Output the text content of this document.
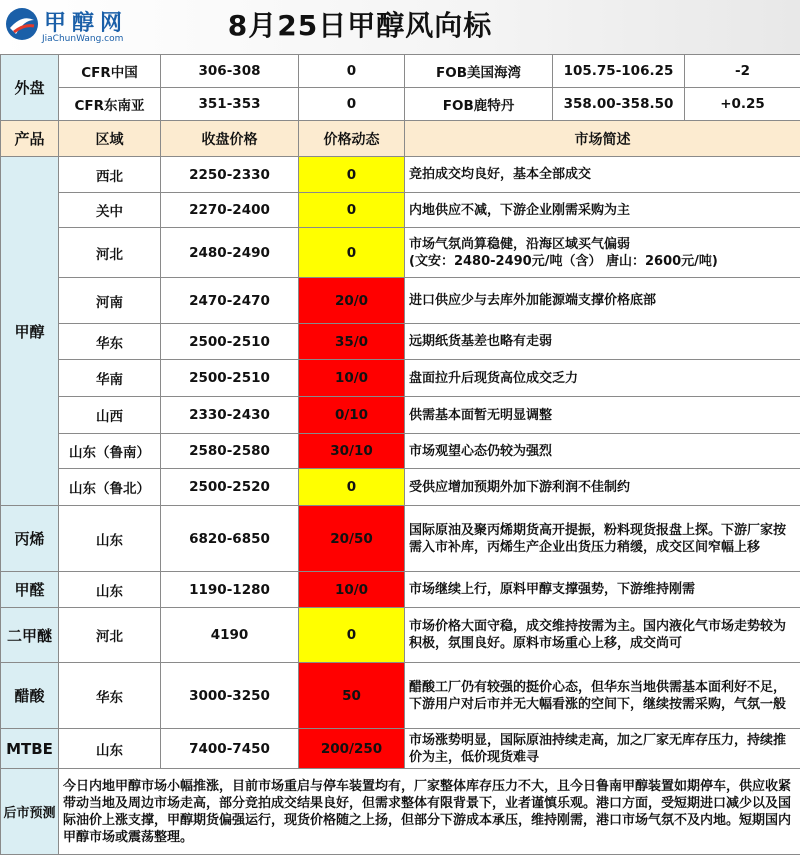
甲醇网
JiaChunWang.com	8月25日甲醇风向标
外盘	CFR中国	306-308	0	FOB美国海湾	105.75-106.25	-2
	CFR东南亚	351-353	0	FOB鹿特丹	358.00-358.50	+0.25
产品	区域	收盘价格	价格动态	市场简述		
甲醇	西北	2250-2330	0	竞拍成交均良好，基本全部成交		
	关中	2270-2400	0	内地供应不减，下游企业刚需采购为主		
	河北	2480-2490	0	市场气氛尚算稳健，沿海区域买气偏弱
(文安：2480-2490元/吨（含） 唐山：2600元/吨)		

	河南	2470-2470	20/0	进口供应少与去库外加能源端支撑价格底部		
	华东	2500-2510	35/0	远期纸货基差也略有走弱		
	华南	2500-2510	10/0	盘面拉升后现货高位成交乏力		
	山西	2330-2430	0/10	供需基本面暂无明显调整		
	山东（鲁南）	2580-2580	30/10	市场观望心态仍较为强烈		
	山东（鲁北）	2500-2520	0	受供应增加预期外加下游利润不佳制约		
丙烯	山东	6820-6850	20/50	国际原油及聚丙烯期货高开提振，粉料现货报盘上探。下游厂家按需入市补库，丙烯生产企业出货压力稍缓，成交区间窄幅上移		
甲醛	山东	1190-1280	10/0	市场继续上行，原料甲醇支撑强势，下游维持刚需		
二甲醚	河北	4190	0	市场价格大面守稳，成交维持按需为主。国内液化气市场走势较为积极，氛围良好。原料市场重心上移，成交尚可		
醋酸	华东	3000-3250	50	醋酸工厂仍有较强的挺价心态，但华东当地供需基本面利好不足，下游用户对后市并无大幅看涨的空间下，继续按需采购，气氛一般		
MTBE	山东	7400-7450	200/250	市场涨势明显，国际原油持续走高，加之厂家无库存压力，持续推价为主，低价现货难寻		
后市预测	今日内地甲醇市场小幅推涨，目前市场重启与停车装置均有，厂家整体库存压力不大，且今日鲁南甲醇装置如期停车，供应收紧带动当地及周边市场走高，部分竞拍成交结果良好，但需求整体有限背景下，业者谨慎乐观。港口方面，受短期进口减少以及国际油价上涨支撑，甲醇期货偏强运行，现货价格随之上扬，但部分下游成本承压，维持刚需，港口市场气氛不及内地。短期国内甲醇市场或震荡整理。					
